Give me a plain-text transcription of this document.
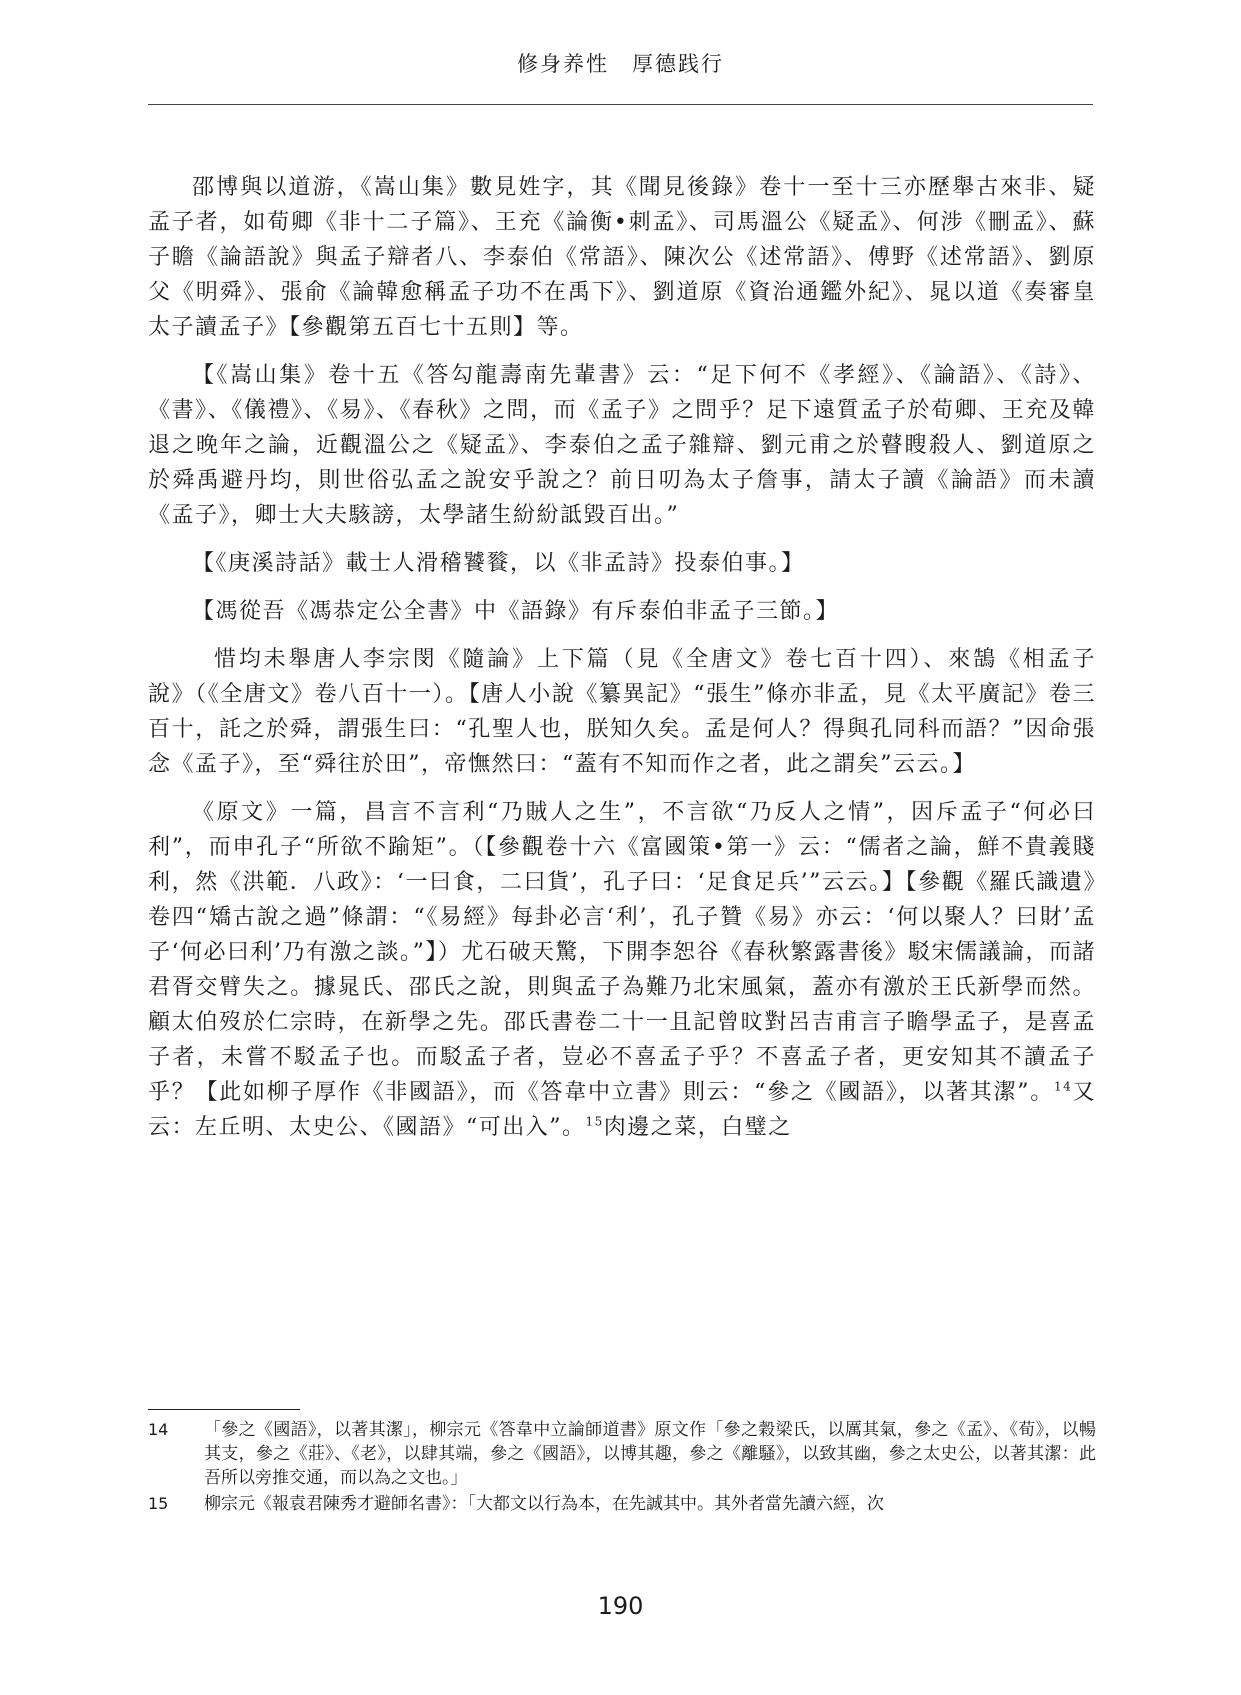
修身养性　厚德践行

邵博與以道游，《嵩山集》數見姓字，其《聞見後錄》卷十一至十三亦歷舉古來非、疑孟子者，如荀卿《非十二子篇》、王充《論衡•刺孟》、司馬溫公《疑孟》、何涉《刪孟》、蘇子瞻《論語說》與孟子辯者八、李泰伯《常語》、陳次公《述常語》、傅野《述常語》、劉原父《明舜》、張俞《論韓愈稱孟子功不在禹下》、劉道原《資治通鑑外紀》、晁以道《奏審皇太子讀孟子》【參觀第五百七十五則】等。

【《嵩山集》卷十五《答勾龍壽南先輩書》云：“足下何不《孝經》、《論語》、《詩》、《書》、《儀禮》、《易》、《春秋》之問，而《孟子》之問乎？足下遠質孟子於荀卿、王充及韓退之晚年之論，近觀溫公之《疑孟》、李泰伯之孟子雜辯、劉元甫之於瞽瞍殺人、劉道原之於舜禹避丹均，則世俗弘孟之說安乎說之？前日叨為太子詹事，請太子讀《論語》而未讀《孟子》，卿士大夫駭謗，太學諸生紛紛詆毀百出。”

【《庚溪詩話》載士人滑稽饕餮，以《非孟詩》投泰伯事。】

【馮從吾《馮恭定公全書》中《語錄》有斥泰伯非孟子三節。】

惜均未舉唐人李宗閔《隨論》上下篇（見《全唐文》卷七百十四）、來鵠《相孟子說》（《全唐文》卷八百十一）。【唐人小說《纂異記》“張生”條亦非孟，見《太平廣記》卷三百十，託之於舜，謂張生曰：“孔聖人也，朕知久矣。孟是何人？得與孔同科而語？”因命張念《孟子》，至“舜往於田”，帝憮然曰：“蓋有不知而作之者，此之謂矣”云云。】

《原文》一篇，昌言不言利“乃賊人之生”，不言欲“乃反人之情”，因斥孟子“何必曰利”，而申孔子“所欲不踰矩”。（【參觀卷十六《富國策•第一》云：“儒者之論，鮮不貴義賤利，然《洪範．八政》：‘一曰食，二曰貨’，孔子曰：‘足食足兵’”云云。】【參觀《羅氏識遺》卷四“矯古說之過”條謂：“《易經》每卦必言‘利’，孔子贊《易》亦云：‘何以聚人？曰財’孟子‘何必曰利’乃有激之談。”】）尤石破天驚，下開李恕谷《春秋繁露書後》駁宋儒議論，而諸君胥交臂失之。據晁氏、邵氏之說，則與孟子為難乃北宋風氣，蓋亦有激於王氏新學而然。顧太伯歿於仁宗時，在新學之先。邵氏書卷二十一且記曾旼對呂吉甫言子瞻學孟子，是喜孟子者，未嘗不駁孟子也。而駁孟子者，豈必不喜孟子乎？不喜孟子者，更安知其不讀孟子乎？【此如柳子厚作《非國語》，而《答韋中立書》則云：“參之《國語》，以著其潔”。$^{14}$又云：左丘明、太史公、《國語》“可出入”。$^{15}$肉邊之菜，白璧之

14	「參之《國語》，以著其潔」，柳宗元《答韋中立論師道書》原文作「參之穀梁氏，以厲其氣，參之《孟》、《荀》，以暢其支，參之《莊》、《老》，以肆其端，參之《國語》，以博其趣，參之《離騷》，以致其幽，參之太史公，以著其潔：此吾所以旁推交通，而以為之文也。」
15	柳宗元《報袁君陳秀才避師名書》：「大都文以行為本，在先誠其中。其外者當先讀六經，次
190
